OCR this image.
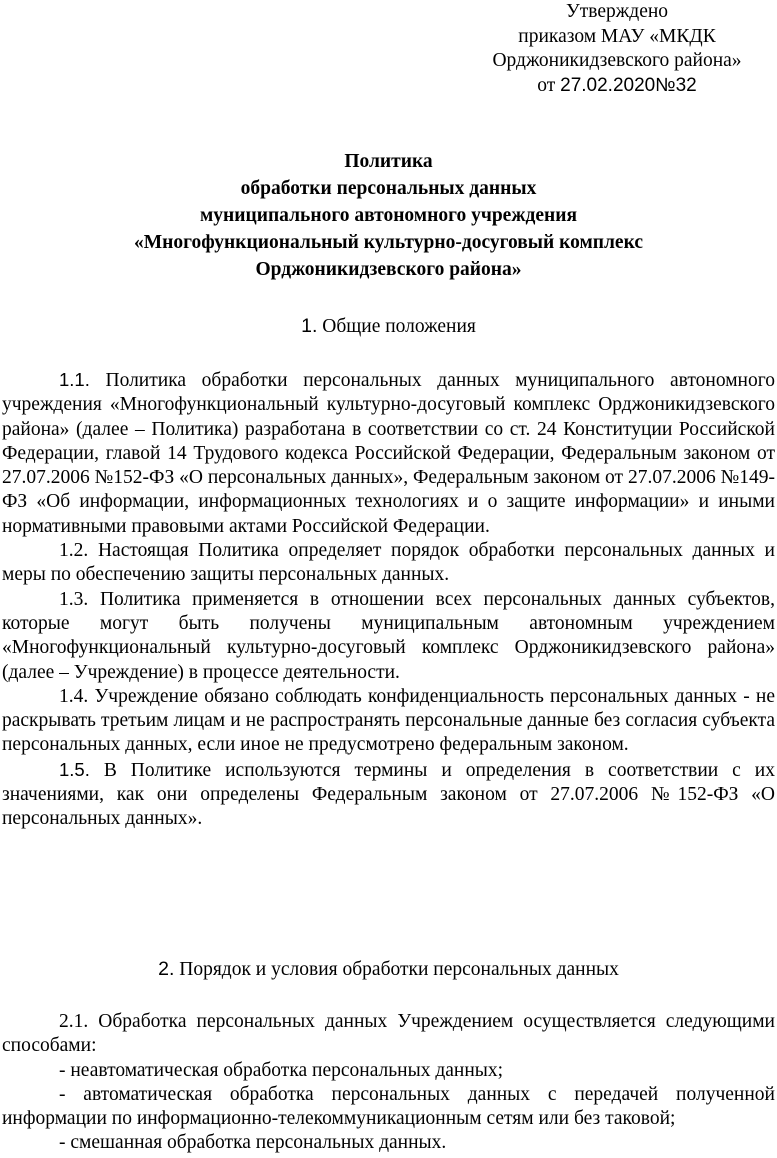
Утверждено
приказом МАУ «МКДК
Орджоникидзевского района»
от 27.02.2020№32
Политика
обработки персональных данных
муниципального автономного учреждения
«Многофункциональный культурно-досуговый комплекс
Орджоникидзевского района»
1. Общие положения

1.1. Политика обработки персональных данных муниципального автономного учреждения «Многофункциональный культурно-досуговый комплекс Орджоникидзевского района» (далее – Политика) разработана в соответствии со ст. 24 Конституции Российской Федерации, главой 14 Трудового кодекса Российской Федерации, Федеральным законом от 27.07.2006 №152-ФЗ «О персональных данных», Федеральным законом от 27.07.2006 №149-ФЗ «Об информации, информационных технологиях и о защите информации» и иными нормативными правовыми актами Российской Федерации.

1.2. Настоящая Политика определяет порядок обработки персональных данных и меры по обеспечению защиты персональных данных.

1.3. Политика применяется в отношении всех персональных данных субъектов, которые могут быть получены муниципальным автономным учреждением «Многофункциональный культурно-досуговый комплекс Орджоникидзевского района» (далее – Учреждение) в процессе деятельности.

1.4. Учреждение обязано соблюдать конфиденциальность персональных данных - не раскрывать третьим лицам и не распространять персональные данные без согласия субъекта персональных данных, если иное не предусмотрено федеральным законом.

1.5. В Политике используются термины и определения в соответствии с их значениями, как они определены Федеральным законом от 27.07.2006 №152-ФЗ «О персональных данных».

2. Порядок и условия обработки персональных данных

2.1. Обработка персональных данных Учреждением осуществляется следующими способами:

- неавтоматическая обработка персональных данных;

- автоматическая обработка персональных данных с передачей полученной информации по информационно-телекоммуникационным сетям или без таковой;

- смешанная обработка персональных данных.
